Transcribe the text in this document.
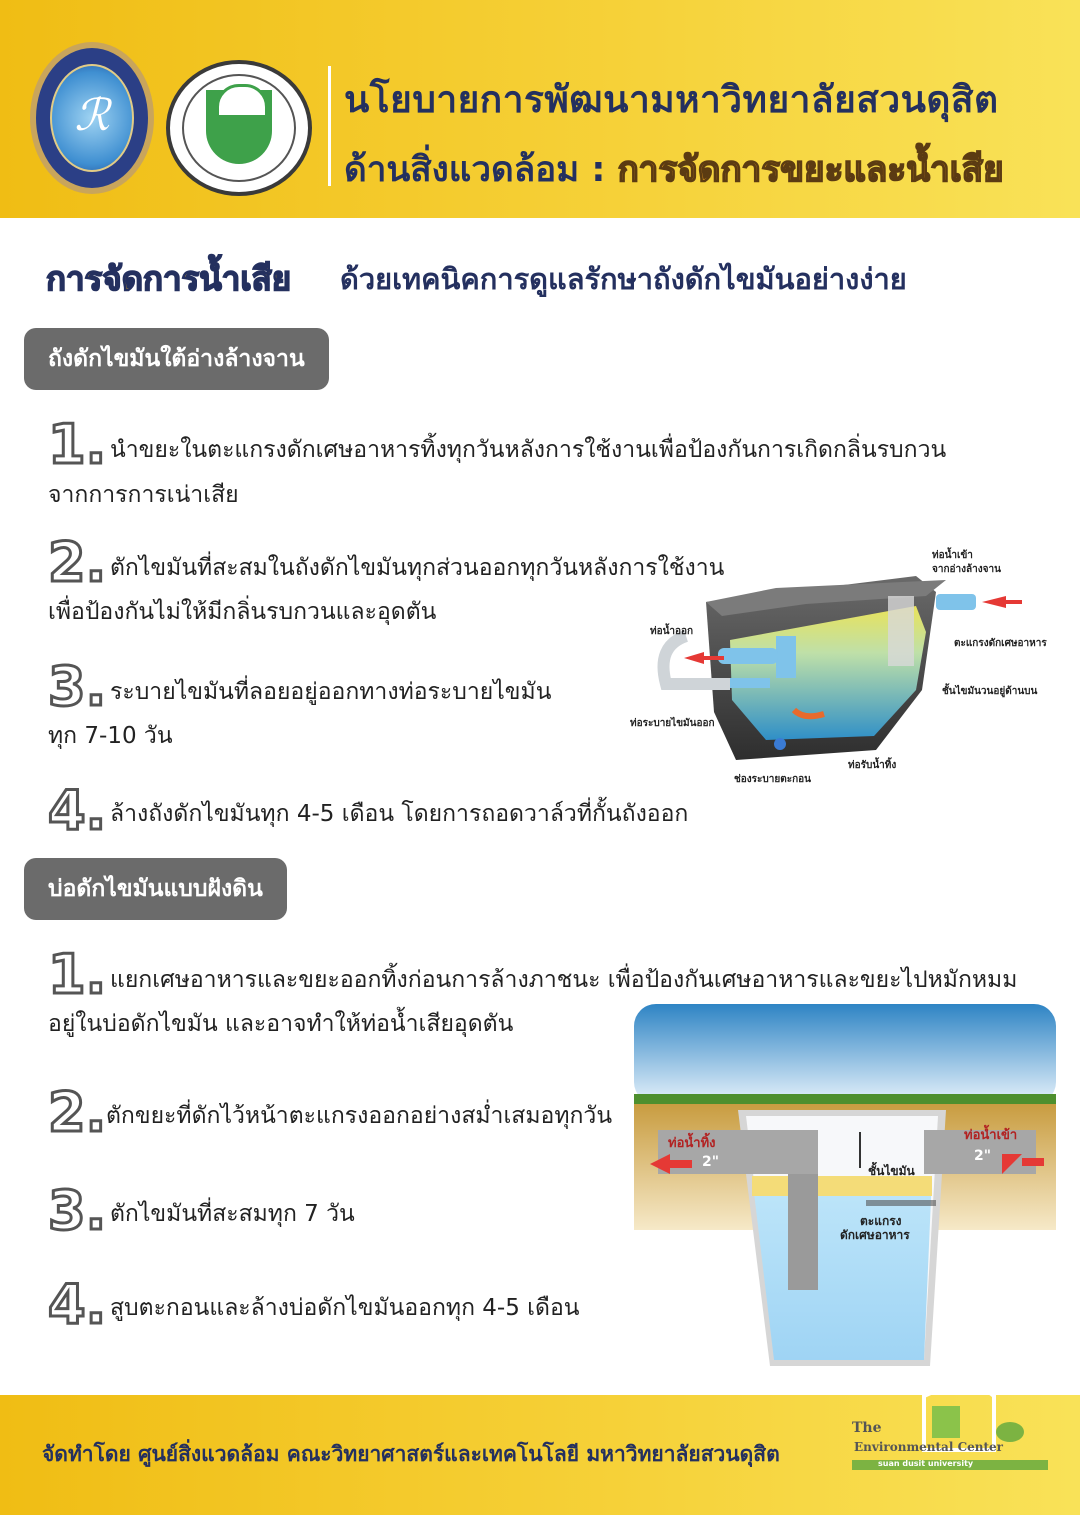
ℛ	นโยบายการพัฒนามหาวิทยาลัยสวนดุสิต
ด้านสิ่งแวดล้อม : การจัดการขยะและน้ำเสีย
การจัดการน้ำเสีย ด้วยเทคนิคการดูแลรักษาถังดักไขมันอย่างง่าย
ถังดักไขมันใต้อ่างล้างจาน
1. นำขยะในตะแกรงดักเศษอาหารทิ้งทุกวันหลังการใช้งานเพื่อป้องกันการเกิดกลิ่นรบกวน
จากการการเน่าเสีย
2. ตักไขมันที่สะสมในถังดักไขมันทุกส่วนออกทุกวันหลังการใช้งาน
เพื่อป้องกันไม่ให้มีกลิ่นรบกวนและอุดตัน
3. ระบายไขมันที่ลอยอยู่ออกทางท่อระบายไขมัน
ทุก 7-10 วัน
4. ล้างถังดักไขมันทุก 4-5 เดือน โดยการถอดวาล์วที่กั้นถังออก
ท่อน้ำเข้า
จากอ่างล้างจาน
ท่อน้ำออก
ตะแกรงดักเศษอาหาร
ชั้นไขมันวนอยู่ด้านบน
ท่อระบายไขมันออก
ท่อรับน้ำทิ้ง
ช่องระบายตะกอน
บ่อดักไขมันแบบฝังดิน
1. แยกเศษอาหารและขยะออกทิ้งก่อนการล้างภาชนะ เพื่อป้องกันเศษอาหารและขยะไปหมักหมม
อยู่ในบ่อดักไขมัน และอาจทำให้ท่อน้ำเสียอุดตัน
2. ตักขยะที่ดักไว้หน้าตะแกรงออกอย่างสม่ำเสมอทุกวัน
3. ตักไขมันที่สะสมทุก 7 วัน
4. สูบตะกอนและล้างบ่อดักไขมันออกทุก 4-5 เดือน
ท่อน้ำทิ้ง
2"
ท่อน้ำเข้า
2"
ชั้นไขมัน
ตะแกรง
ดักเศษอาหาร
จัดทำโดย ศูนย์สิ่งแวดล้อม คณะวิทยาศาสตร์และเทคโนโลยี มหาวิทยาลัยสวนดุสิต
The
Environmental Center
suan dusit university
